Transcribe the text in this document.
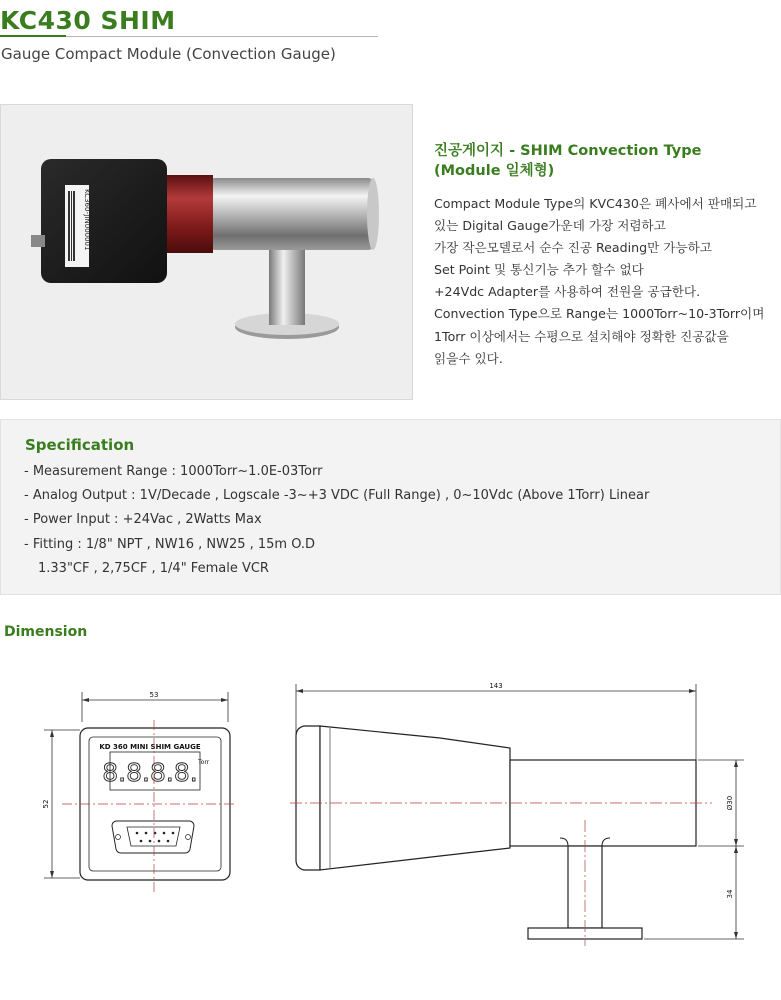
KC430 SHIM
Gauge Compact Module (Convection Gauge)
KC360-JIN000001
진공게이지 - SHIM Convection Type
(Module 일체형)
Compact Module Type의 KVC430은 폐사에서 판매되고
있는 Digital Gauge가운데 가장 저렴하고
가장 작은모델로서 순수 진공 Reading만 가능하고
Set Point 및 통신기능 추가 할수 없다
+24Vdc Adapter를 사용하여 전원을 공급한다.
Convection Type으로 Range는 1000Torr~10-3Torr이며
1Torr 이상에서는 수평으로 설치해야 정확한 진공값을
읽을수 있다.
Specification
- Measurement Range : 1000Torr~1.0E-03Torr
- Analog Output : 1V/Decade , Logscale -3~+3 VDC (Full Range) , 0~10Vdc (Above 1Torr) Linear
- Power Input : +24Vac , 2Watts Max
- Fitting : 1/8" NPT , NW16 , NW25 , 15m O.D
1.33"CF , 2,75CF , 1/4" Female VCR
Dimension
53
52
KD 360 MINI SHIM GAUGE
8.8.8.8. Torr
143
Ø30
34
